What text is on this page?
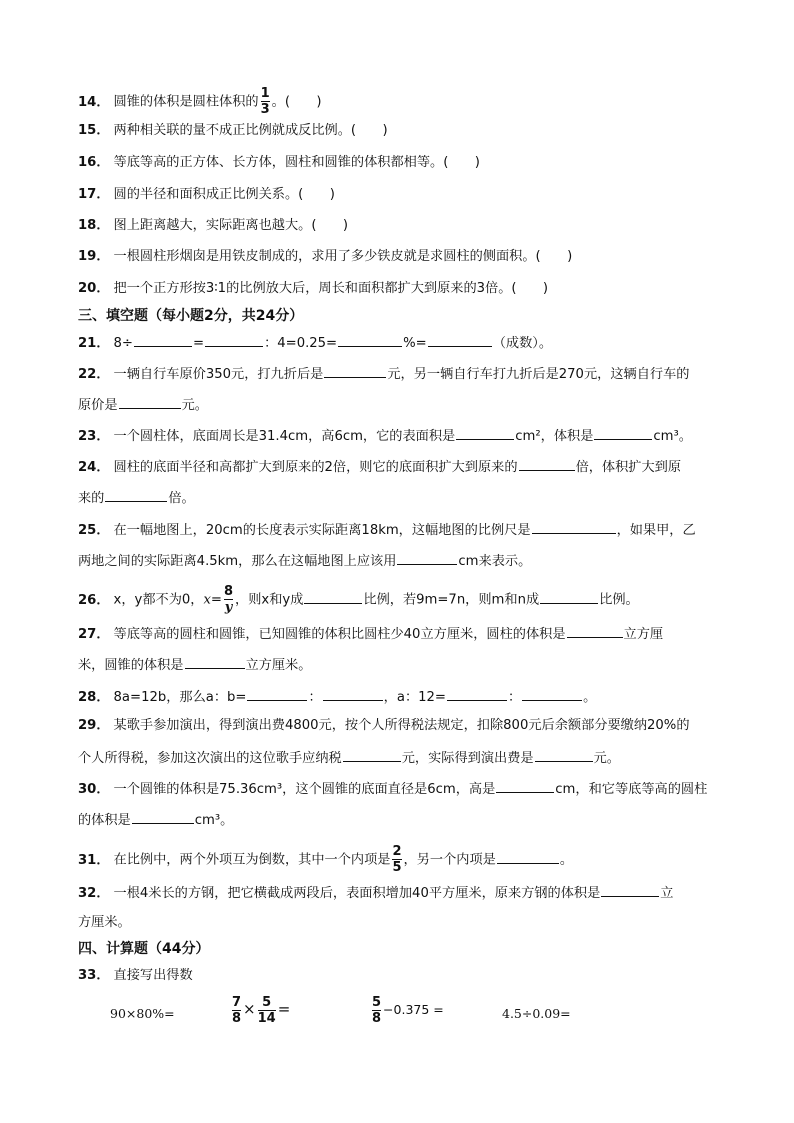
14． 圆锥的体积是圆柱体积的 $\frac{1}{3}$ 。(　　)
15． 两种相关联的量不成正比例就成反比例。(　　)
16． 等底等高的正方体、长方体，圆柱和圆锥的体积都相等。(　　)
17． 圆的半径和面积成正比例关系。(　　)
18． 图上距离越大，实际距离也越大。(　　)
19． 一根圆柱形烟囱是用铁皮制成的，求用了多少铁皮就是求圆柱的侧面积。(　　)
20． 把一个正方形按3∶1的比例放大后，周长和面积都扩大到原来的3倍。(　　)
三、填空题（每小题2分，共24分）
21． 8÷	=	：4=0.25=	%=	（成数）。
22． 一辆自行车原价350元，打九折后是	元，另一辆自行车打九折后是270元，这辆自行车的
原价是	元。
23． 一个圆柱体，底面周长是31.4cm，高6cm，它的表面积是	cm²，体积是	cm³。
24． 圆柱的底面半径和高都扩大到原来的2倍，则它的底面积扩大到原来的	倍，体积扩大到原
来的	倍。
25． 在一幅地图上，20cm的长度表示实际距离18km，这幅地图的比例尺是	，如果甲，乙
两地之间的实际距离4.5km，那么在这幅地图上应该用	cm来表示。
26． x，y都不为0，$x= \frac{8}{y}$ ，则x和y成	比例，若9m=7n，则m和n成	比例。
27． 等底等高的圆柱和圆锥，已知圆锥的体积比圆柱少40立方厘米，圆柱的体积是	立方厘
米，圆锥的体积是	立方厘米。
28． 8a=12b，那么a：b=	：	，a：12=	：	。
29． 某歌手参加演出，得到演出费4800元，按个人所得税法规定，扣除800元后余额部分要缴纳20%的
个人所得税，参加这次演出的这位歌手应纳税	元，实际得到演出费是	元。
30． 一个圆锥的体积是75.36cm³，这个圆锥的底面直径是6cm，高是	cm，和它等底等高的圆柱
的体积是	cm³。
31． 在比例中，两个外项互为倒数，其中一个内项是 $\frac{2}{5}$ ，另一个内项是	。
32． 一根4米长的方钢，把它横截成两段后，表面积增加40平方厘米，原来方钢的体积是	立
方厘米。
四、计算题（44分）
33． 直接写出得数
90×80%=	$\frac{7}{8} \times \frac{5}{14}$ =	$\frac{5}{8} -0.375$ =	4.5÷0.09=
